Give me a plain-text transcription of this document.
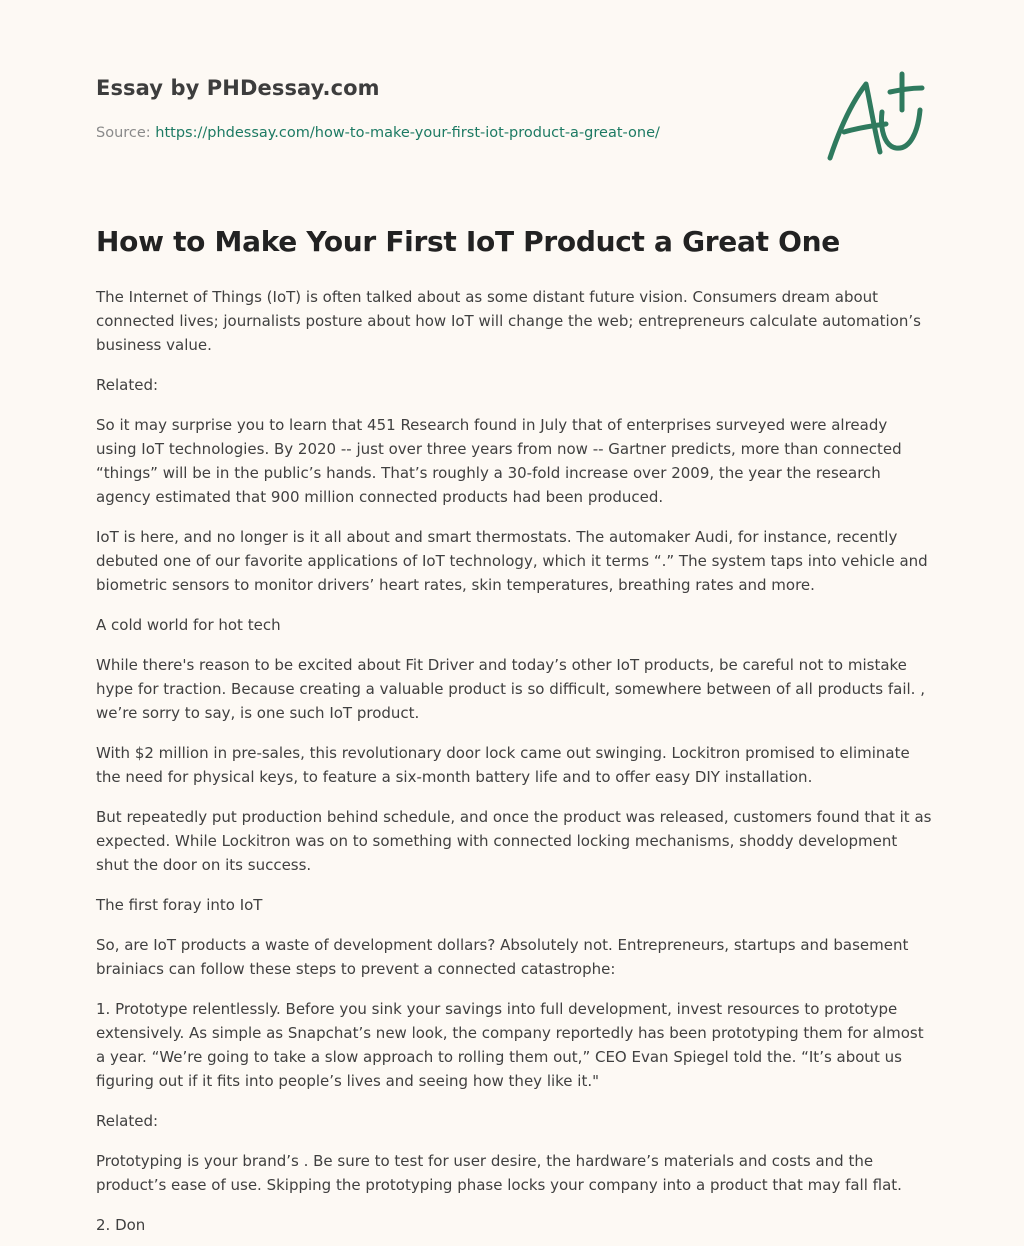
Essay by PHDessay.com
Source: https://phdessay.com/how-to-make-your-first-iot-product-a-great-one/
How to Make Your First IoT Product a Great One

The Internet of Things (IoT) is often talked about as some distant future vision. Consumers dream about connected lives; journalists posture about how IoT will change the web; entrepreneurs calculate automation’s business value.

Related:

So it may surprise you to learn that 451 Research found in July that of enterprises surveyed were already using IoT technologies. By 2020 -- just over three years from now -- Gartner predicts, more than connected “things” will be in the public’s hands. That’s roughly a 30-fold increase over 2009, the year the research agency estimated that 900 million connected products had been produced.

IoT is here, and no longer is it all about and smart thermostats. The automaker Audi, for instance, recently debuted one of our favorite applications of IoT technology, which it terms “.” The system taps into vehicle and biometric sensors to monitor drivers’ heart rates, skin temperatures, breathing rates and more.

A cold world for hot tech

While there's reason to be excited about Fit Driver and today’s other IoT products, be careful not to mistake hype for traction. Because creating a valuable product is so difficult, somewhere between of all products fail. , we’re sorry to say, is one such IoT product.

With $2 million in pre-sales, this revolutionary door lock came out swinging. Lockitron promised to eliminate the need for physical keys, to feature a six-month battery life and to offer easy DIY installation.

But repeatedly put production behind schedule, and once the product was released, customers found that it as expected. While Lockitron was on to something with connected locking mechanisms, shoddy development shut the door on its success.

The first foray into IoT

So, are IoT products a waste of development dollars? Absolutely not. Entrepreneurs, startups and basement brainiacs can follow these steps to prevent a connected catastrophe:

1. Prototype relentlessly. Before you sink your savings into full development, invest resources to prototype extensively. As simple as Snapchat’s new look, the company reportedly has been prototyping them for almost a year. “We’re going to take a slow approach to rolling them out,” CEO Evan Spiegel told the. “It’s about us figuring out if it fits into people’s lives and seeing how they like it."

Related:

Prototyping is your brand’s . Be sure to test for user desire, the hardware’s materials and costs and the product’s ease of use. Skipping the prototyping phase locks your company into a product that may fall flat.

2. Don
